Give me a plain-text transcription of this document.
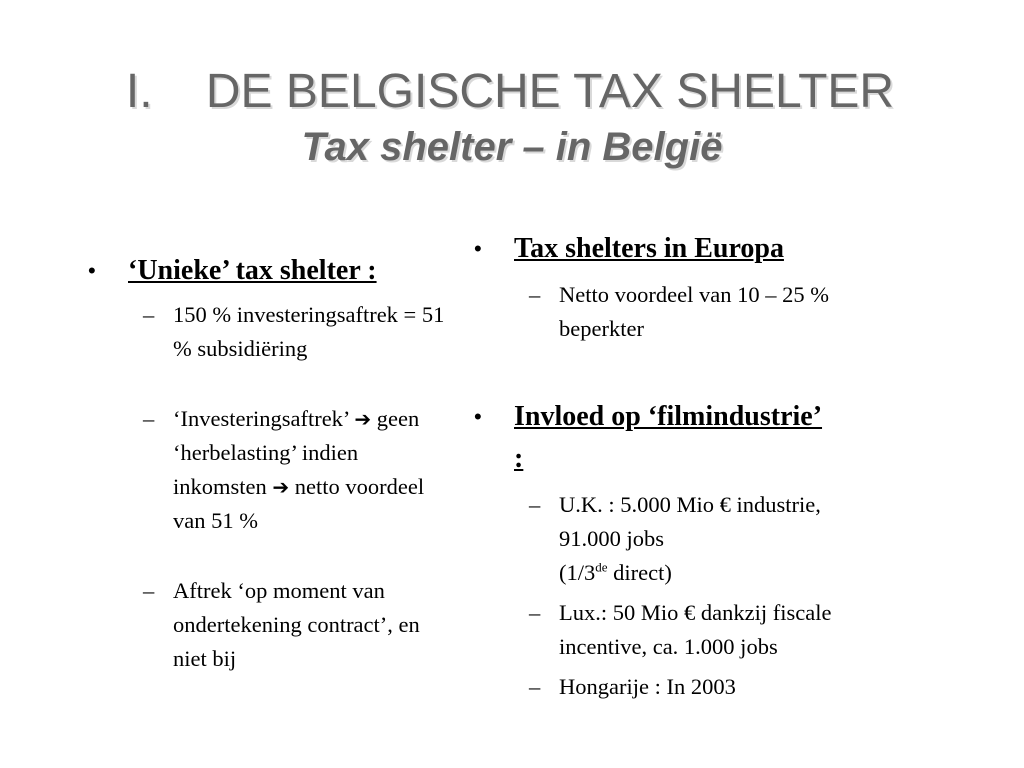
I. DE BELGISCHE TAX SHELTER
Tax shelter – in België
• ‘Unieke’ tax shelter :
– 150 % investeringsaftrek = 51 % subsidiëring
– ‘Investeringsaftrek’ ➔ geen ‘herbelasting’ indien inkomsten ➔ netto voordeel van 51 %
– Aftrek ‘op moment van ondertekening contract’, en niet bij
• Tax shelters in Europa
– Netto voordeel van 10 – 25 % beperkter
• Invloed op ‘filmindustrie’ :
– U.K. : 5.000 Mio € industrie, 91.000 jobs
(1/3de direct)
– Lux.: 50 Mio € dankzij fiscale incentive, ca. 1.000 jobs
– Hongarije : In 2003
